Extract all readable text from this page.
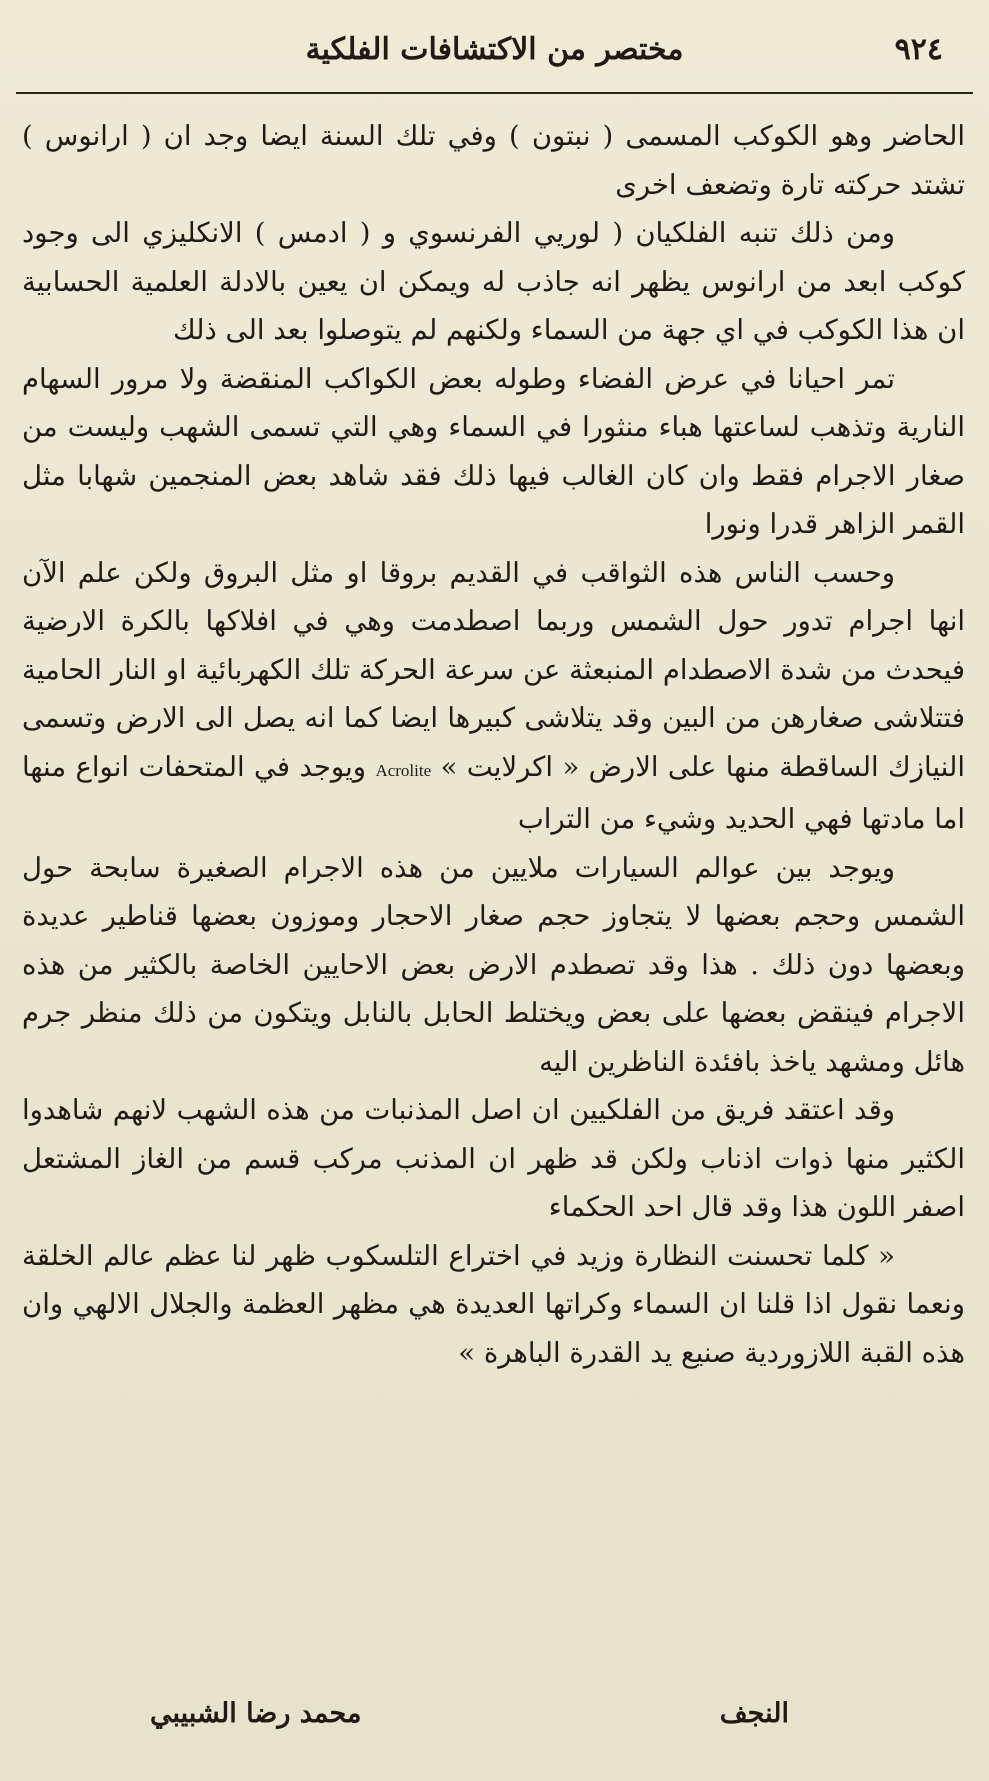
٩٢٤
مختصر من الاكتشافات الفلكية

الحاضر وهو الكوكب المسمى ( نبتون ) وفي تلك السنة ايضا وجد ان ( ارانوس ) تشتد حركته تارة وتضعف اخرى

ومن ذلك تنبه الفلكيان ( لوريي الفرنسوي و ( ادمس ) الانكليزي الى وجود كوكب ابعد من ارانوس يظهر انه جاذب له ويمكن ان يعين بالادلة العلمية الحسابية ان هذا الكوكب في اي جهة من السماء ولكنهم لم يتوصلوا بعد الى ذلك

تمر احيانا في عرض الفضاء وطوله بعض الكواكب المنقضة ولا مرور السهام النارية وتذهب لساعتها هباء منثورا في السماء وهي التي تسمى الشهب وليست من صغار الاجرام فقط وان كان الغالب فيها ذلك فقد شاهد بعض المنجمين شهابا مثل القمر الزاهر قدرا ونورا

وحسب الناس هذه الثواقب في القديم بروقا او مثل البروق ولكن علم الآن انها اجرام تدور حول الشمس وربما اصطدمت وهي في افلاكها بالكرة الارضية فيحدث من شدة الاصطدام المنبعثة عن سرعة الحركة تلك الكهربائية او النار الحامية فتتلاشى صغارهن من البين وقد يتلاشى كبيرها ايضا كما انه يصل الى الارض وتسمى النيازك الساقطة منها على الارض « اكرلايت » Acrolite ويوجد في المتحفات انواع منها اما مادتها فهي الحديد وشيء من التراب

ويوجد بين عوالم السيارات ملايين من هذه الاجرام الصغيرة سابحة حول الشمس وحجم بعضها لا يتجاوز حجم صغار الاحجار وموزون بعضها قناطير عديدة وبعضها دون ذلك . هذا وقد تصطدم الارض بعض الاحايين الخاصة بالكثير من هذه الاجرام فينقض بعضها على بعض ويختلط الحابل بالنابل ويتكون من ذلك منظر جرم هائل ومشهد ياخذ بافئدة الناظرين اليه

وقد اعتقد فريق من الفلكيين ان اصل المذنبات من هذه الشهب لانهم شاهدوا الكثير منها ذوات اذناب ولكن قد ظهر ان المذنب مركب قسم من الغاز المشتعل اصفر اللون هذا وقد قال احد الحكماء

« كلما تحسنت النظارة وزيد في اختراع التلسكوب ظهر لنا عظم عالم الخلقة ونعما نقول اذا قلنا ان السماء وكراتها العديدة هي مظهر العظمة والجلال الالهي وان هذه القبة اللازوردية صنيع يد القدرة الباهرة »

النجف
محمد رضا الشبيبي
